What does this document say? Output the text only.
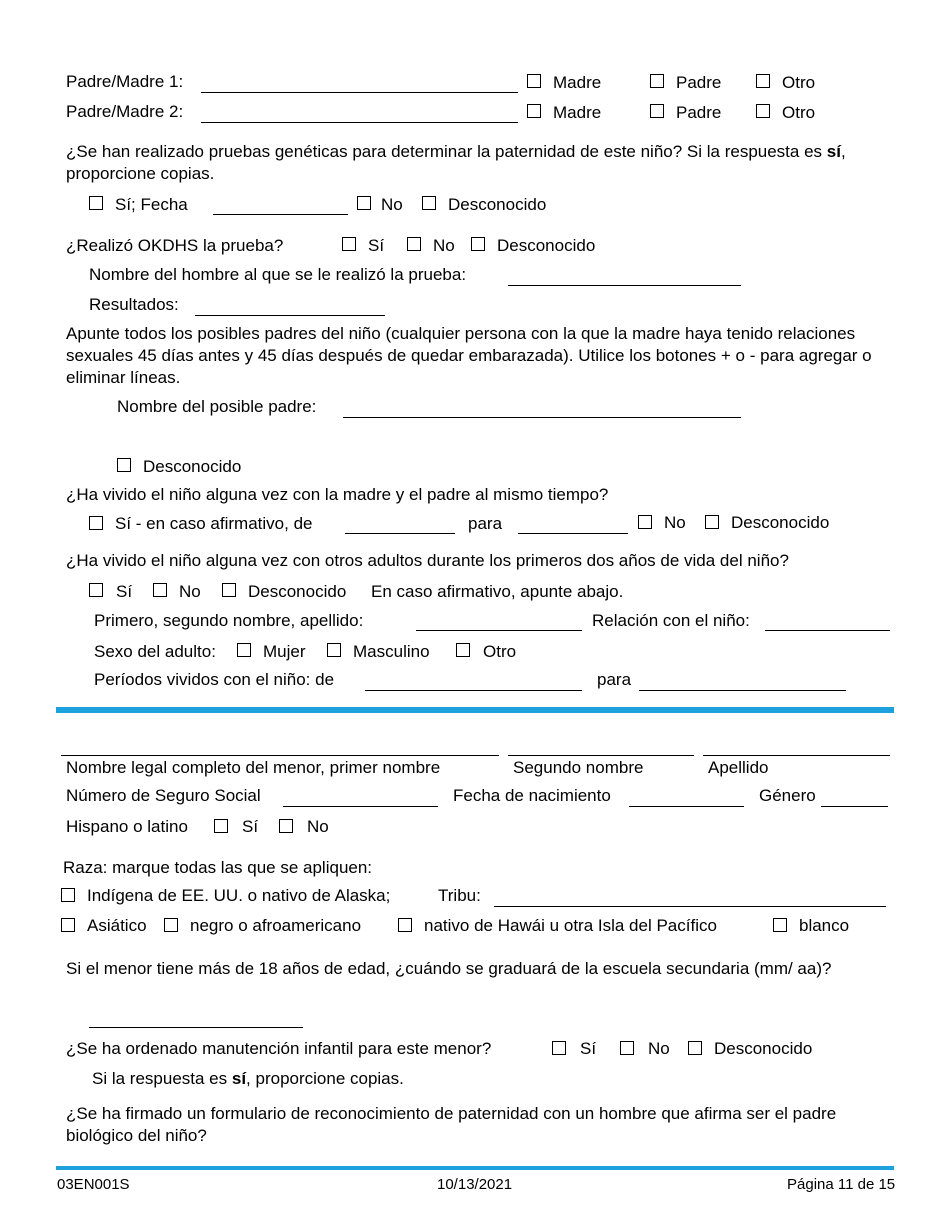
Padre/Madre 1:	Madre	Padre	Otro
Padre/Madre 2:	Madre	Padre	Otro
¿Se han realizado pruebas genéticas para determinar la paternidad de este niño? Si la respuesta es sí, proporcione copias.
Sí; Fecha	No	Desconocido
¿Realizó OKDHS la prueba?	Sí	No Desconocido
Nombre del hombre al que se le realizó la prueba:
Resultados:
Apunte todos los posibles padres del niño (cualquier persona con la que la madre haya tenido relaciones sexuales 45 días antes y 45 días después de quedar embarazada). Utilice los botones + o - para agregar o eliminar líneas.
Nombre del posible padre:
Desconocido
¿Ha vivido el niño alguna vez con la madre y el padre al mismo tiempo?
Sí - en caso afirmativo, de	para	No	Desconocido
¿Ha vivido el niño alguna vez con otros adultos durante los primeros dos años de vida del niño?
Sí	No	Desconocido En caso afirmativo, apunte abajo.
Primero, segundo nombre, apellido:	Relación con el niño:
Sexo del adulto:	Mujer	Masculino	Otro
Períodos vividos con el niño: de	para
Nombre legal completo del menor, primer nombre	Segundo nombre	Apellido
Número de Seguro Social	Fecha de nacimiento	Género
Hispano o latino	Sí	No
Raza: marque todas las que se apliquen:
Indígena de EE. UU. o nativo de Alaska;	Tribu:
Asiático	negro o afroamericano	nativo de Hawái u otra Isla del Pacífico	blanco
Si el menor tiene más de 18 años de edad, ¿cuándo se graduará de la escuela secundaria (mm/ aa)?
¿Se ha ordenado manutención infantil para este menor?	Sí	No	Desconocido
Si la respuesta es sí, proporcione copias.
¿Se ha firmado un formulario de reconocimiento de paternidad con un hombre que afirma ser el padre biológico del niño?
03EN001S	10/13/2021	Página 11 de 15
